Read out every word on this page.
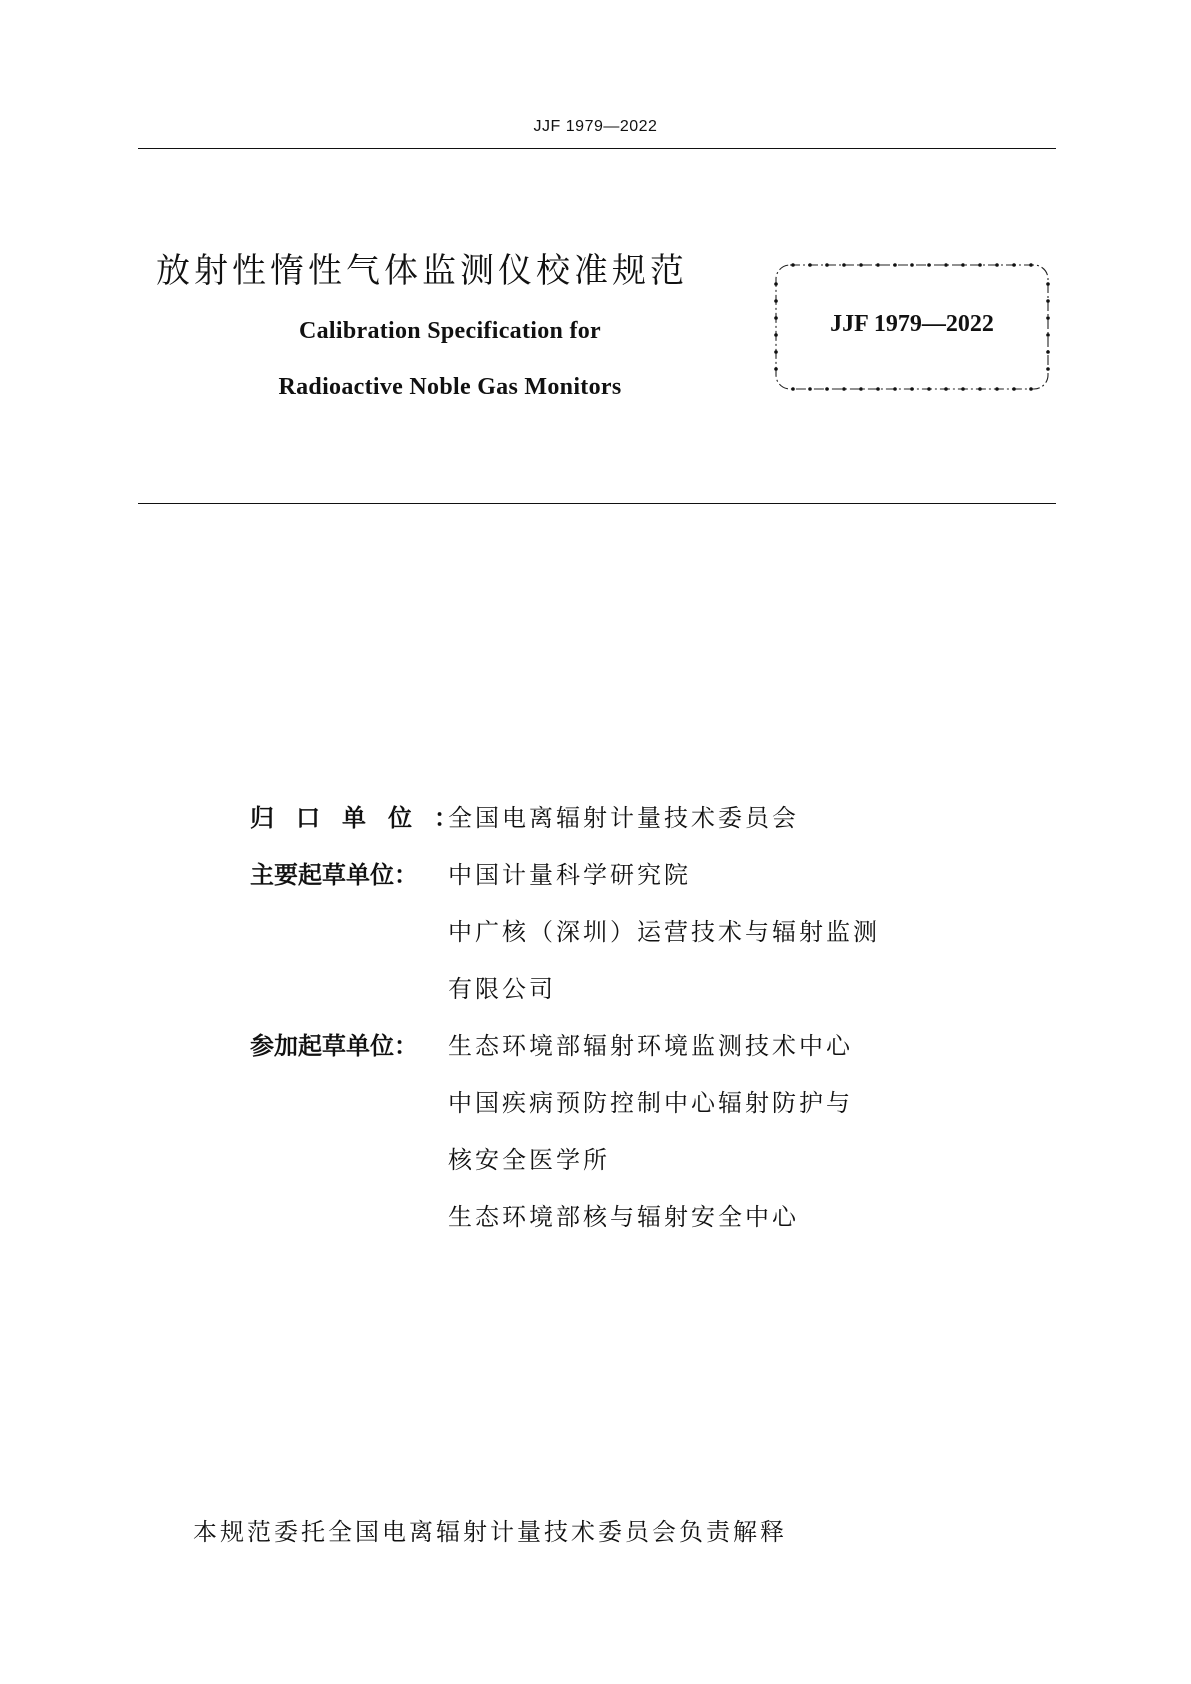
JJF 1979—2022
放射性惰性气体监测仪校准规范
Calibration Specification for
Radioactive Noble Gas Monitors
JJF 1979—2022
归口单位：全国电离辐射计量技术委员会
主要起草单位： 中国计量科学研究院
中广核（深圳）运营技术与辐射监测
有限公司
参加起草单位： 生态环境部辐射环境监测技术中心
中国疾病预防控制中心辐射防护与
核安全医学所
生态环境部核与辐射安全中心
本规范委托全国电离辐射计量技术委员会负责解释
